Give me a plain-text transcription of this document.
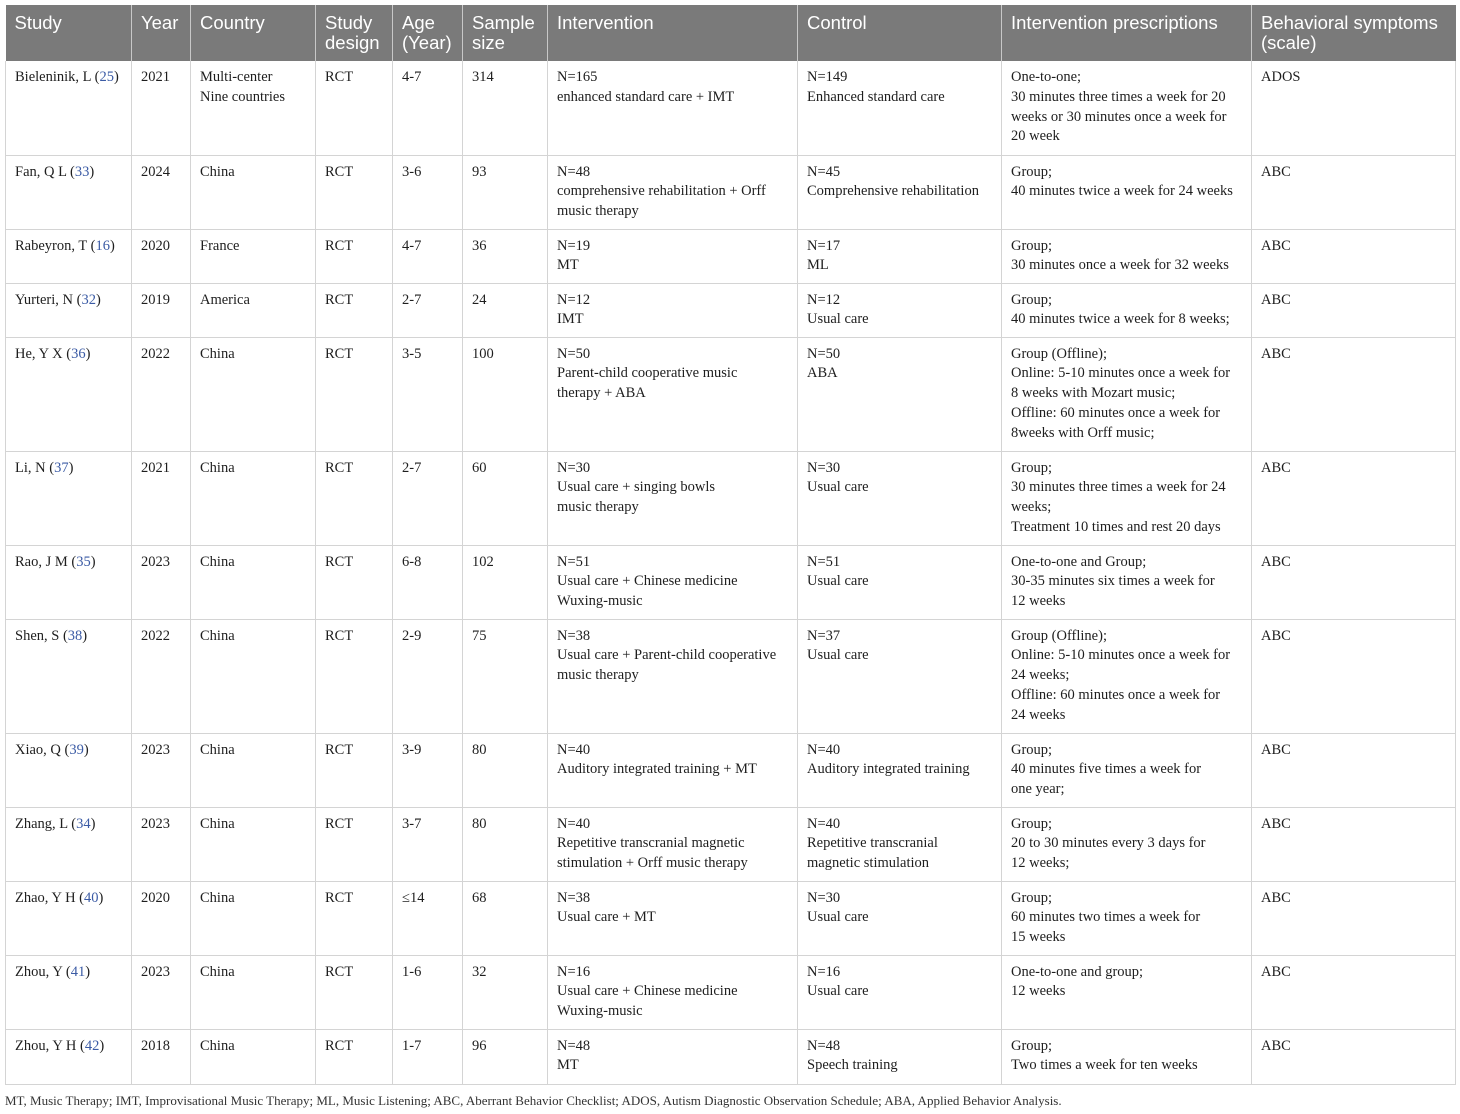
Study	Year	Country	Study design	Age (Year)	Sample size	Intervention	Control	Intervention prescriptions	Behavioral symptoms (scale)
Bieleninik, L (25)	2021	Multi-center
Nine countries	RCT	4-7	314	N=165
enhanced standard care + IMT	N=149
Enhanced standard care	One-to-one;
30 minutes three times a week for 20
weeks or 30 minutes once a week for
20 week	ADOS
Fan, Q L (33)	2024	China	RCT	3-6	93	N=48
comprehensive rehabilitation + Orff
music therapy	N=45
Comprehensive rehabilitation	Group;
40 minutes twice a week for 24 weeks	ABC
Rabeyron, T (16)	2020	France	RCT	4-7	36	N=19
MT	N=17
ML	Group;
30 minutes once a week for 32 weeks	ABC
Yurteri, N (32)	2019	America	RCT	2-7	24	N=12
IMT	N=12
Usual care	Group;
40 minutes twice a week for 8 weeks;	ABC
He, Y X (36)	2022	China	RCT	3-5	100	N=50
Parent-child cooperative music
therapy + ABA	N=50
ABA	Group (Offline);
Online: 5-10 minutes once a week for
8 weeks with Mozart music;
Offline: 60 minutes once a week for
8weeks with Orff music;	ABC
Li, N (37)	2021	China	RCT	2-7	60	N=30
Usual care + singing bowls
music therapy	N=30
Usual care	Group;
30 minutes three times a week for 24
weeks;
Treatment 10 times and rest 20 days	ABC
Rao, J M (35)	2023	China	RCT	6-8	102	N=51
Usual care + Chinese medicine
Wuxing-music	N=51
Usual care	One-to-one and Group;
30-35 minutes six times a week for
12 weeks	ABC
Shen, S (38)	2022	China	RCT	2-9	75	N=38
Usual care + Parent-child cooperative
music therapy	N=37
Usual care	Group (Offline);
Online: 5-10 minutes once a week for
24 weeks;
Offline: 60 minutes once a week for
24 weeks	ABC
Xiao, Q (39)	2023	China	RCT	3-9	80	N=40
Auditory integrated training + MT	N=40
Auditory integrated training	Group;
40 minutes five times a week for
one year;	ABC
Zhang, L (34)	2023	China	RCT	3-7	80	N=40
Repetitive transcranial magnetic
stimulation + Orff music therapy	N=40
Repetitive transcranial
magnetic stimulation	Group;
20 to 30 minutes every 3 days for
12 weeks;	ABC
Zhao, Y H (40)	2020	China	RCT	≤14	68	N=38
Usual care + MT	N=30
Usual care	Group;
60 minutes two times a week for
15 weeks	ABC
Zhou, Y (41)	2023	China	RCT	1-6	32	N=16
Usual care + Chinese medicine
Wuxing-music	N=16
Usual care	One-to-one and group;
12 weeks	ABC
Zhou, Y H (42)	2018	China	RCT	1-7	96	N=48
MT	N=48
Speech training	Group;
Two times a week for ten weeks	ABC
MT, Music Therapy; IMT, Improvisational Music Therapy; ML, Music Listening; ABC, Aberrant Behavior Checklist; ADOS, Autism Diagnostic Observation Schedule; ABA, Applied Behavior Analysis.
